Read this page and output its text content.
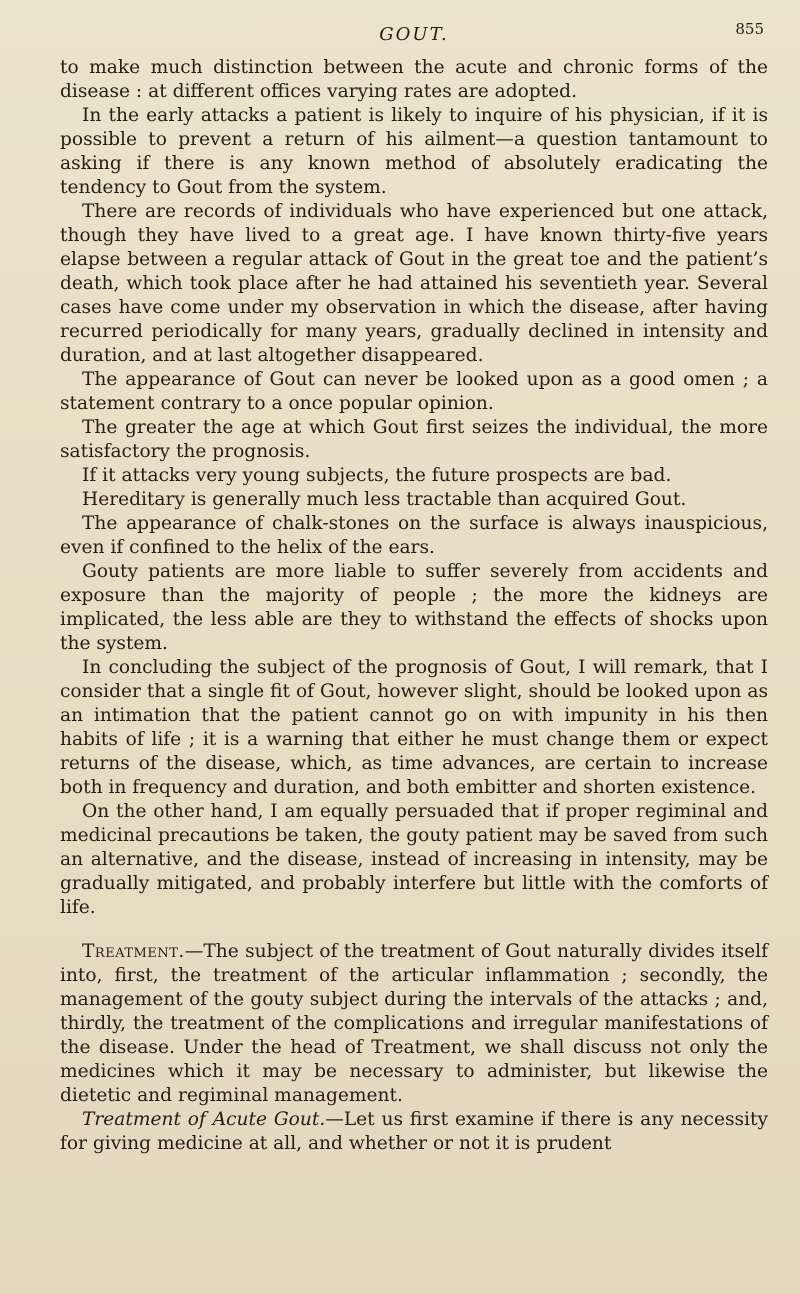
GOUT.	855

to make much distinction between the acute and chronic forms of the disease : at different offices varying rates are adopted.

In the early attacks a patient is likely to inquire of his physician, if it is possible to prevent a return of his ailment—a question tantamount to asking if there is any known method of absolutely eradicating the tendency to Gout from the system.

There are records of individuals who have experienced but one attack, though they have lived to a great age. I have known thirty-five years elapse between a regular attack of Gout in the great toe and the patient’s death, which took place after he had attained his seventieth year. Several cases have come under my observation in which the disease, after having recurred periodically for many years, gradually declined in intensity and duration, and at last altogether disappeared.

The appearance of Gout can never be looked upon as a good omen ; a statement contrary to a once popular opinion.

The greater the age at which Gout first seizes the individual, the more satisfactory the prognosis.

If it attacks very young subjects, the future prospects are bad.

Hereditary is generally much less tractable than acquired Gout.

The appearance of chalk-stones on the surface is always inauspicious, even if confined to the helix of the ears.

Gouty patients are more liable to suffer severely from accidents and exposure than the majority of people ; the more the kidneys are implicated, the less able are they to withstand the effects of shocks upon the system.

In concluding the subject of the prognosis of Gout, I will remark, that I consider that a single fit of Gout, however slight, should be looked upon as an intimation that the patient cannot go on with impunity in his then habits of life ; it is a warning that either he must change them or expect returns of the disease, which, as time advances, are certain to increase both in frequency and duration, and both embitter and shorten existence.

On the other hand, I am equally persuaded that if proper regiminal and medicinal precautions be taken, the gouty patient may be saved from such an alternative, and the disease, instead of increasing in intensity, may be gradually mitigated, and probably interfere but little with the comforts of life.

Treatment.—The subject of the treatment of Gout naturally divides itself into, first, the treatment of the articular inflammation ; secondly, the management of the gouty subject during the intervals of the attacks ; and, thirdly, the treatment of the complications and irregular manifestations of the disease. Under the head of Treatment, we shall discuss not only the medicines which it may be necessary to administer, but likewise the dietetic and regiminal management.

Treatment of Acute Gout.—Let us first examine if there is any necessity for giving medicine at all, and whether or not it is prudent
